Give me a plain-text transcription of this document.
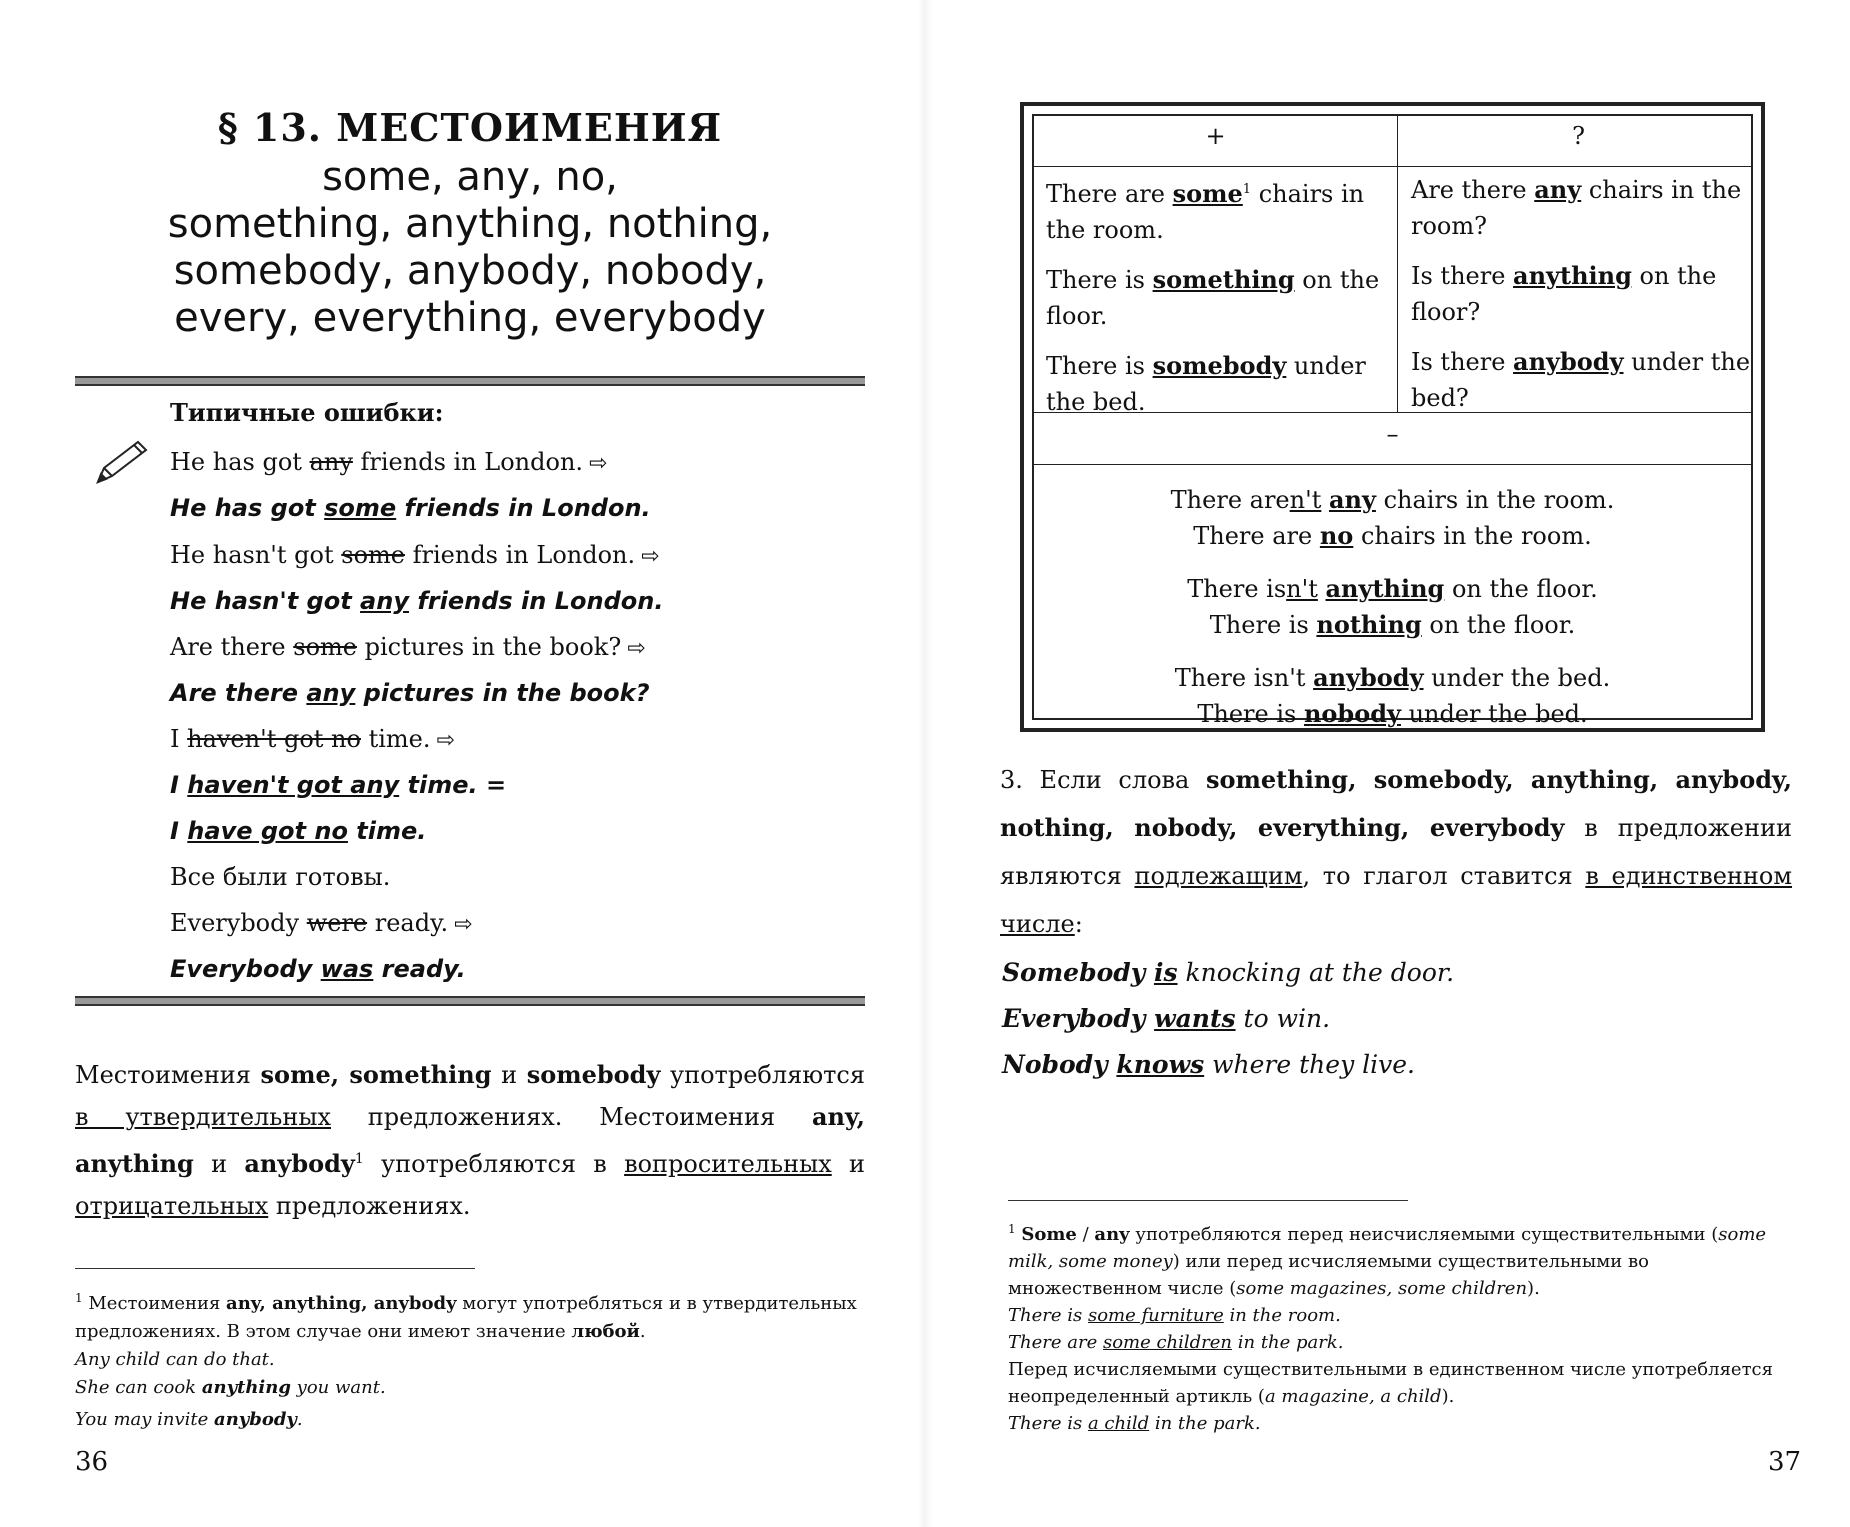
§ 13. МЕСТОИМЕНИЯ
some, any, no,
something, anything, nothing,
somebody, anybody, nobody,
every, everything, everybody
Типичные ошибки:
He has got any friends in London. ⇨
He has got some friends in London.
He hasn't got some friends in London. ⇨
He hasn't got any friends in London.
Are there some pictures in the book? ⇨
Are there any pictures in the book?
I haven't got no time. ⇨
I haven't got any time. =
I have got no time.
Все были готовы.
Everybody were ready. ⇨
Everybody was ready.
Местоимения some, something и somebody употребляются в утвердительных предложениях. Местоимения any, anything и anybody$^1$ употребляются в вопросительных и отрицательных предложениях.
$^1$ Местоимения any, anything, anybody могут употребляться и в утвердительных предложениях. В этом случае они имеют значение любой.
Any child can do that.
She can cook anything you want.
You may invite anybody.
36
+	?

There are some$^1$ chairs in the room.

There is something on the floor.

There is somebody under the bed.

Are there any chairs in the room?

Is there anything on the floor?

Is there anybody under the bed?

–
There aren't any chairs in the room.
There are no chairs in the room.
There isn't anything on the floor.
There is nothing on the floor.
There isn't anybody under the bed.
There is nobody under the bed.
3. Если слова something, somebody, anything, anybody, nothing, nobody, everything, everybody в предложении являются подлежащим, то глагол ставится в единственном числе:
Somebody is knocking at the door.
Everybody wants to win.
Nobody knows where they live.
$^1$ Some / any употребляются перед неисчисляемыми существительными (some milk, some money) или перед исчисляемыми существительными во множественном числе (some magazines, some children).
There is some furniture in the room.
There are some children in the park.
Перед исчисляемыми существительными в единственном числе употребляется неопределенный артикль (a magazine, a child).
There is a child in the park.
37
